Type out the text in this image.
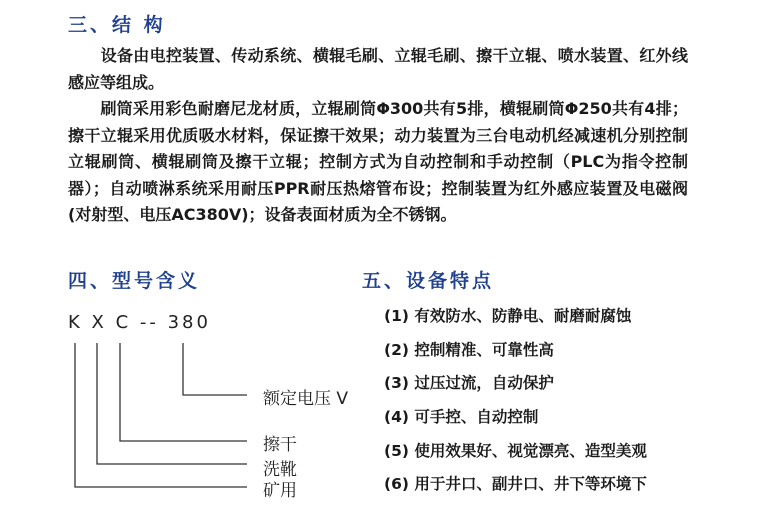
三、结 构

　　设备由电控装置、传动系统、横辊毛刷、立辊毛刷、擦干立辊、喷水装置、红外线感应等组成。

　　刷筒采用彩色耐磨尼龙材质，立辊刷筒Φ300共有5排，横辊刷筒Φ250共有4排；擦干立辊采用优质吸水材料，保证擦干效果；动力装置为三台电动机经减速机分别控制立辊刷筒、横辊刷筒及擦干立辊；控制方式为自动控制和手动控制（PLC为指令控制器）；自动喷淋系统采用耐压PPR耐压热熔管布设；控制装置为红外感应装置及电磁阀(对射型、电压AC380V)；设备表面材质为全不锈钢。

四、型号含义
K X C -- 380
额定电压 V
擦干
洗靴
矿用
五、设备特点
(1) 有效防水、防静电、耐磨耐腐蚀
(2) 控制精准、可靠性高
(3) 过压过流，自动保护
(4) 可手控、自动控制
(5) 使用效果好、视觉漂亮、造型美观
(6) 用于井口、副井口、井下等环境下
